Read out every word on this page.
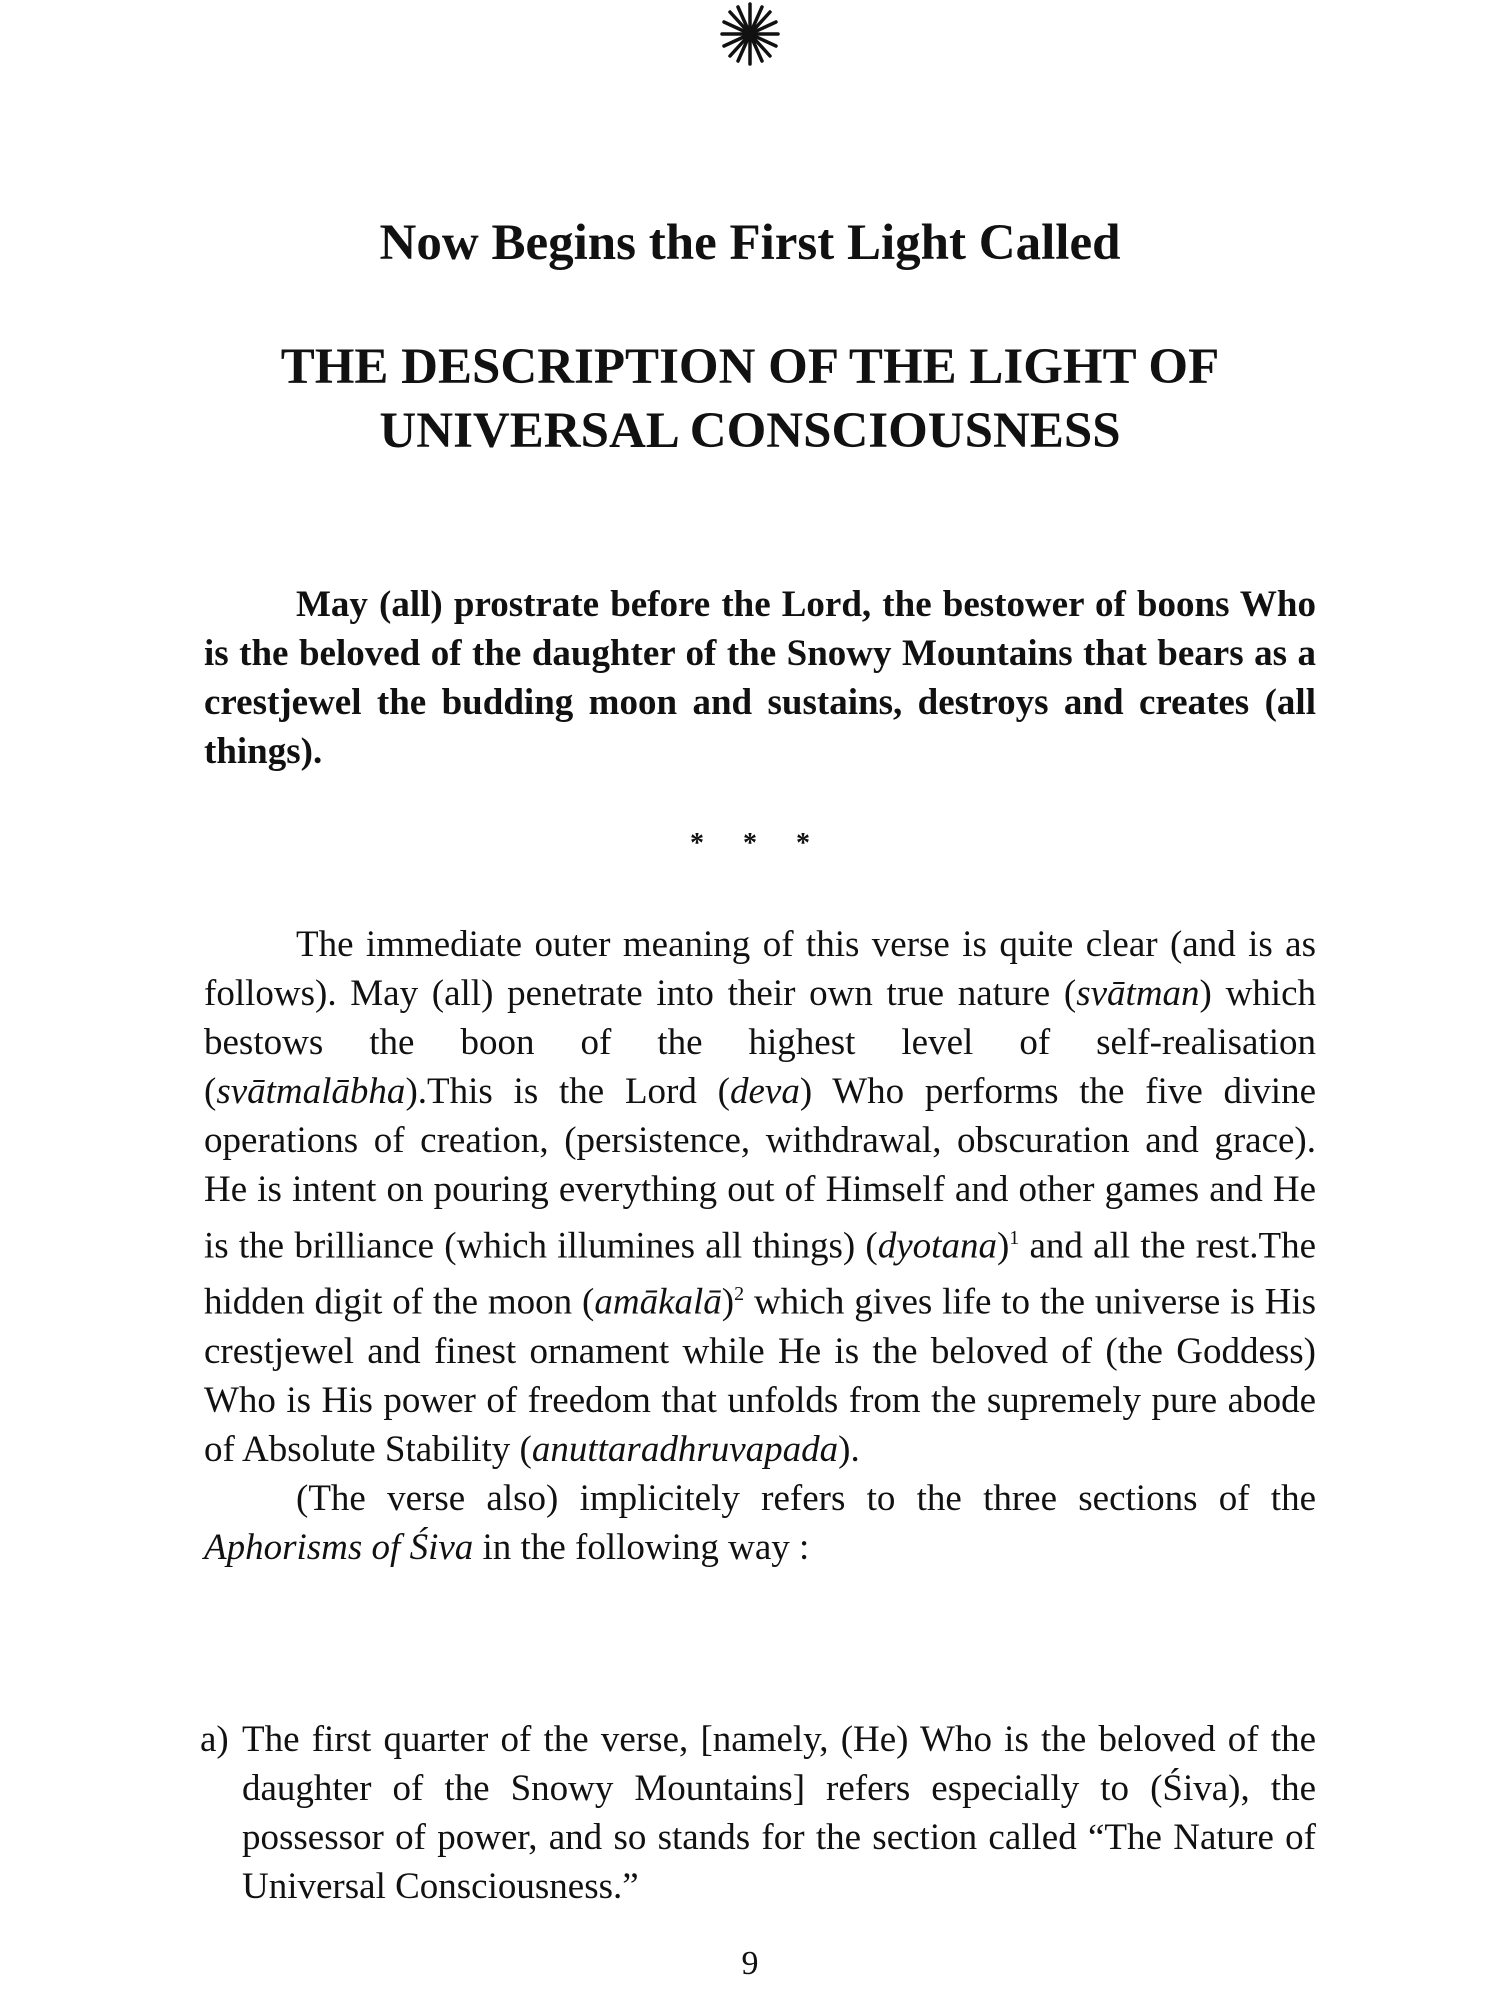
Now Begins the First Light Called
THE DESCRIPTION OF THE LIGHT OF
UNIVERSAL CONSCIOUSNESS

May (all) prostrate before the Lord, the bestower of boons Who is the beloved of the daughter of the Snowy Mountains that bears as a crestjewel the budding moon and sustains, destroys and creates (all things).

* * *

The immediate outer meaning of this verse is quite clear (and is as follows). May (all) penetrate into their own true nature (svātman) which bestows the boon of the highest level of self-realisation (svātmalābha).This is the Lord (deva) Who performs the five divine operations of creation, (persistence, withdrawal, obscuration and grace). He is intent on pouring everything out of Himself and other games and He is the brilliance (which illumines all things) $(dyotana)^1$ and all the rest.The hidden digit of the moon (amākalā)$^2$ which gives life to the universe is His crestjewel and finest ornament while He is the beloved of (the Goddess) Who is His power of freedom that unfolds from the supremely pure abode of Absolute Stability (anuttaradhruvapada).

(The verse also) implicitely refers to the three sections of the Aphorisms of Śiva in the following way :

a) The first quarter of the verse, [namely, (He) Who is the beloved of the daughter of the Snowy Mountains] refers especially to (Śiva), the possessor of power, and so stands for the section called “The Nature of Universal Consciousness.”

9
